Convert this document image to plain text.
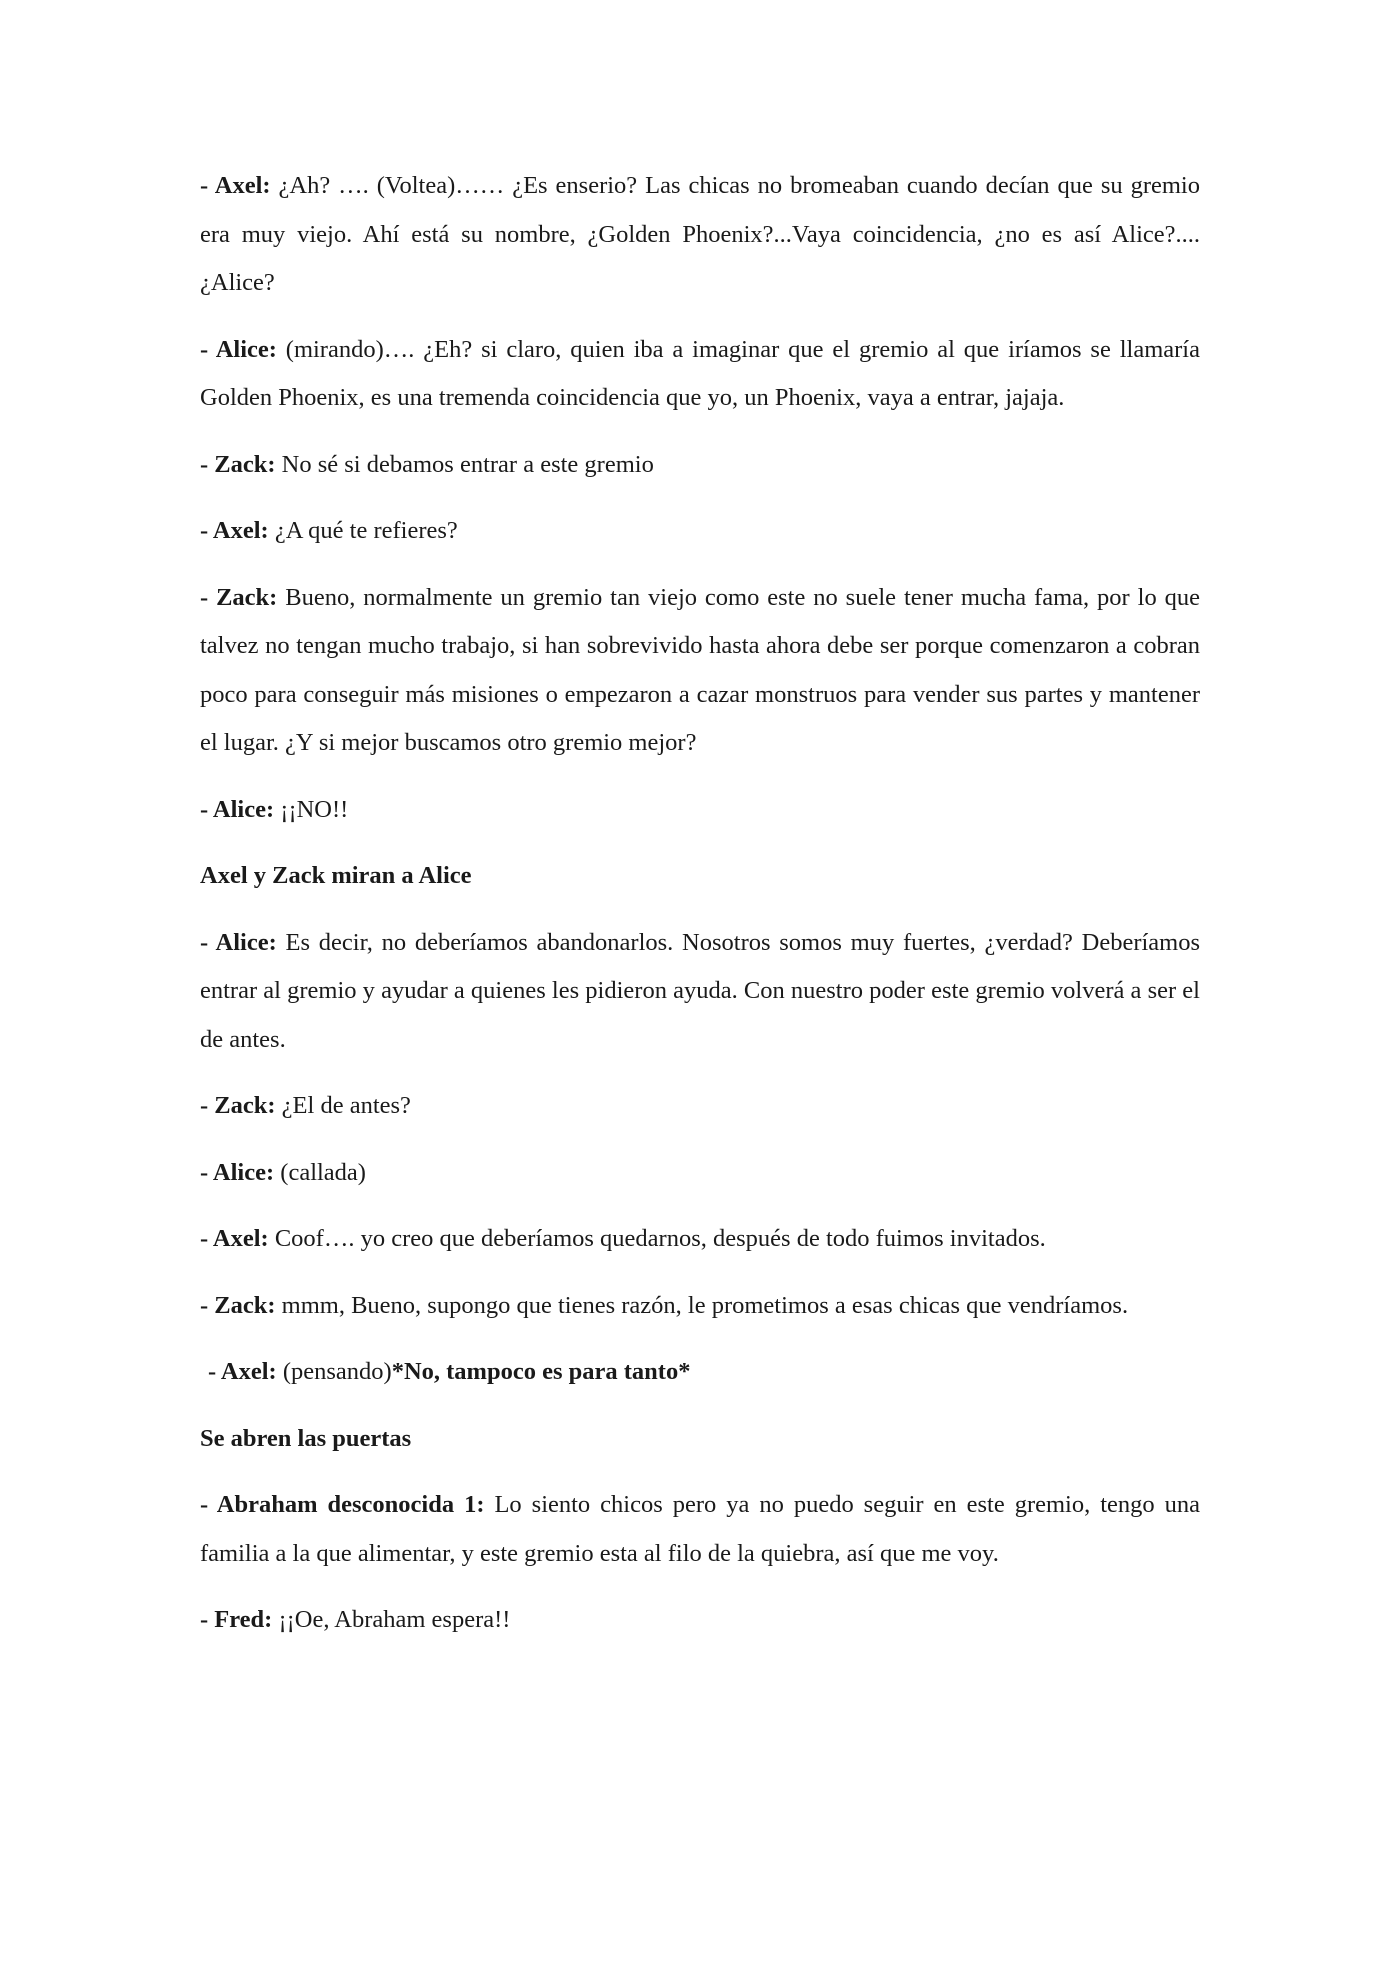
- Axel: ¿Ah? …. (Voltea)…… ¿Es enserio? Las chicas no bromeaban cuando decían que su gremio era muy viejo. Ahí está su nombre, ¿Golden Phoenix?...Vaya coincidencia, ¿no es así Alice?.... ¿Alice?

- Alice: (mirando)…. ¿Eh? si claro, quien iba a imaginar que el gremio al que iríamos se llamaría Golden Phoenix, es una tremenda coincidencia que yo, un Phoenix, vaya a entrar, jajaja.

- Zack: No sé si debamos entrar a este gremio

- Axel: ¿A qué te refieres?

- Zack: Bueno, normalmente un gremio tan viejo como este no suele tener mucha fama, por lo que talvez no tengan mucho trabajo, si han sobrevivido hasta ahora debe ser porque comenzaron a cobran poco para conseguir más misiones o empezaron a cazar monstruos para vender sus partes y mantener el lugar. ¿Y si mejor buscamos otro gremio mejor?

- Alice: ¡¡NO!!

Axel y Zack miran a Alice

- Alice: Es decir, no deberíamos abandonarlos. Nosotros somos muy fuertes, ¿verdad? Deberíamos entrar al gremio y ayudar a quienes les pidieron ayuda. Con nuestro poder este gremio volverá a ser el de antes.

- Zack: ¿El de antes?

- Alice: (callada)

- Axel: Coof…. yo creo que deberíamos quedarnos, después de todo fuimos invitados.

- Zack: mmm, Bueno, supongo que tienes razón, le prometimos a esas chicas que vendríamos.

- Axel: (pensando)*No, tampoco es para tanto*

Se abren las puertas

- Abraham desconocida 1: Lo siento chicos pero ya no puedo seguir en este gremio, tengo una familia a la que alimentar, y este gremio esta al filo de la quiebra, así que me voy.

- Fred: ¡¡Oe, Abraham espera!!
